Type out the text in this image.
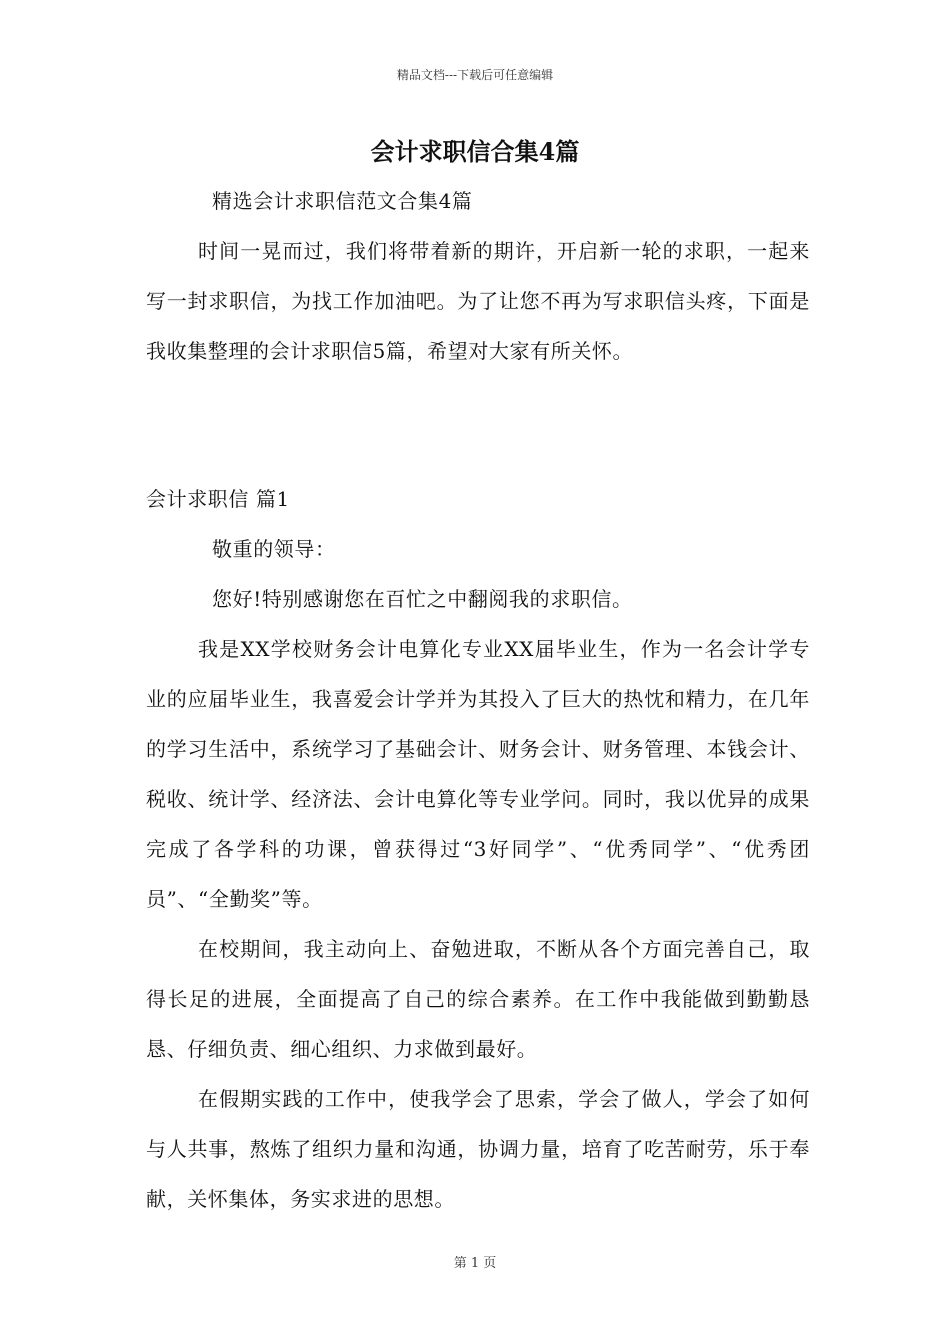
精品文档---下载后可任意编辑

会计求职信合集4篇

精选会计求职信范文合集4篇

时间一晃而过，我们将带着新的期许，开启新一轮的求职，一起来写一封求职信，为找工作加油吧。为了让您不再为写求职信头疼，下面是我收集整理的会计求职信5篇，希望对大家有所关怀。

会计求职信 篇1

敬重的领导：

您好!特别感谢您在百忙之中翻阅我的求职信。

我是XX学校财务会计电算化专业XX届毕业生，作为一名会计学专业的应届毕业生，我喜爱会计学并为其投入了巨大的热忱和精力，在几年的学习生活中，系统学习了基础会计、财务会计、财务管理、本钱会计、税收、统计学、经济法、会计电算化等专业学问。同时，我以优异的成果完成了各学科的功课，曾获得过“3好同学”、“优秀同学”、“优秀团员”、“全勤奖”等。

在校期间，我主动向上、奋勉进取，不断从各个方面完善自己，取得长足的进展，全面提高了自己的综合素养。在工作中我能做到勤勤恳恳、仔细负责、细心组织、力求做到最好。

在假期实践的工作中，使我学会了思索，学会了做人，学会了如何与人共事，熬炼了组织力量和沟通，协调力量，培育了吃苦耐劳，乐于奉献，关怀集体，务实求进的思想。

第 1 页
